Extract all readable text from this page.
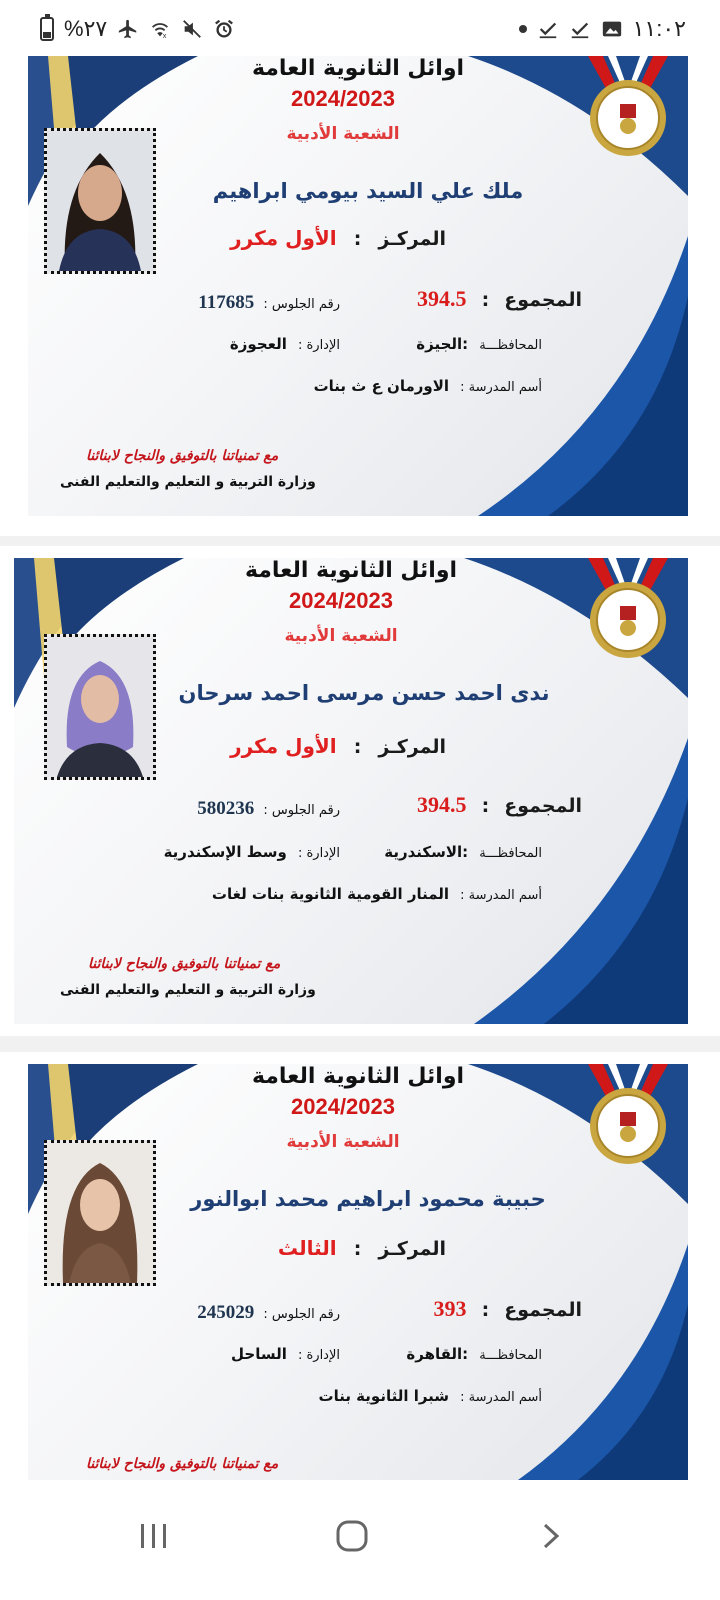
%٢٧	x	١١:٠٢
اوائل الثانوية العامة
2024/2023
الشعبة الأدبية
ملك علي السيد بيومي ابراهيم
المركـز : الأول مكرر
المجموع : 394.5
رقم الجلوس : 117685
المحافظـــة :الجيزة
الإدارة : العجوزة
أسم المدرسة : الاورمان ع ث بنات
مع تمنياتنا بالتوفيق والنجاح لابنائنا
وزارة التربية و التعليم والتعليم الفنى
اوائل الثانوية العامة
2024/2023
الشعبة الأدبية
ندى احمد حسن مرسى احمد سرحان
المركـز : الأول مكرر
المجموع : 394.5
رقم الجلوس : 580236
المحافظـــة :الاسكندرية
الإدارة : وسط الإسكندرية
أسم المدرسة : المنار القومية الثانوية بنات لغات
مع تمنياتنا بالتوفيق والنجاح لابنائنا
وزارة التربية و التعليم والتعليم الفنى
اوائل الثانوية العامة
2024/2023
الشعبة الأدبية
حبيبة محمود ابراهيم محمد ابوالنور
المركـز : الثالث
المجموع : 393
رقم الجلوس : 245029
المحافظـــة :القاهرة
الإدارة : الساحل
أسم المدرسة : شبرا الثانوية بنات
مع تمنياتنا بالتوفيق والنجاح لابنائنا
